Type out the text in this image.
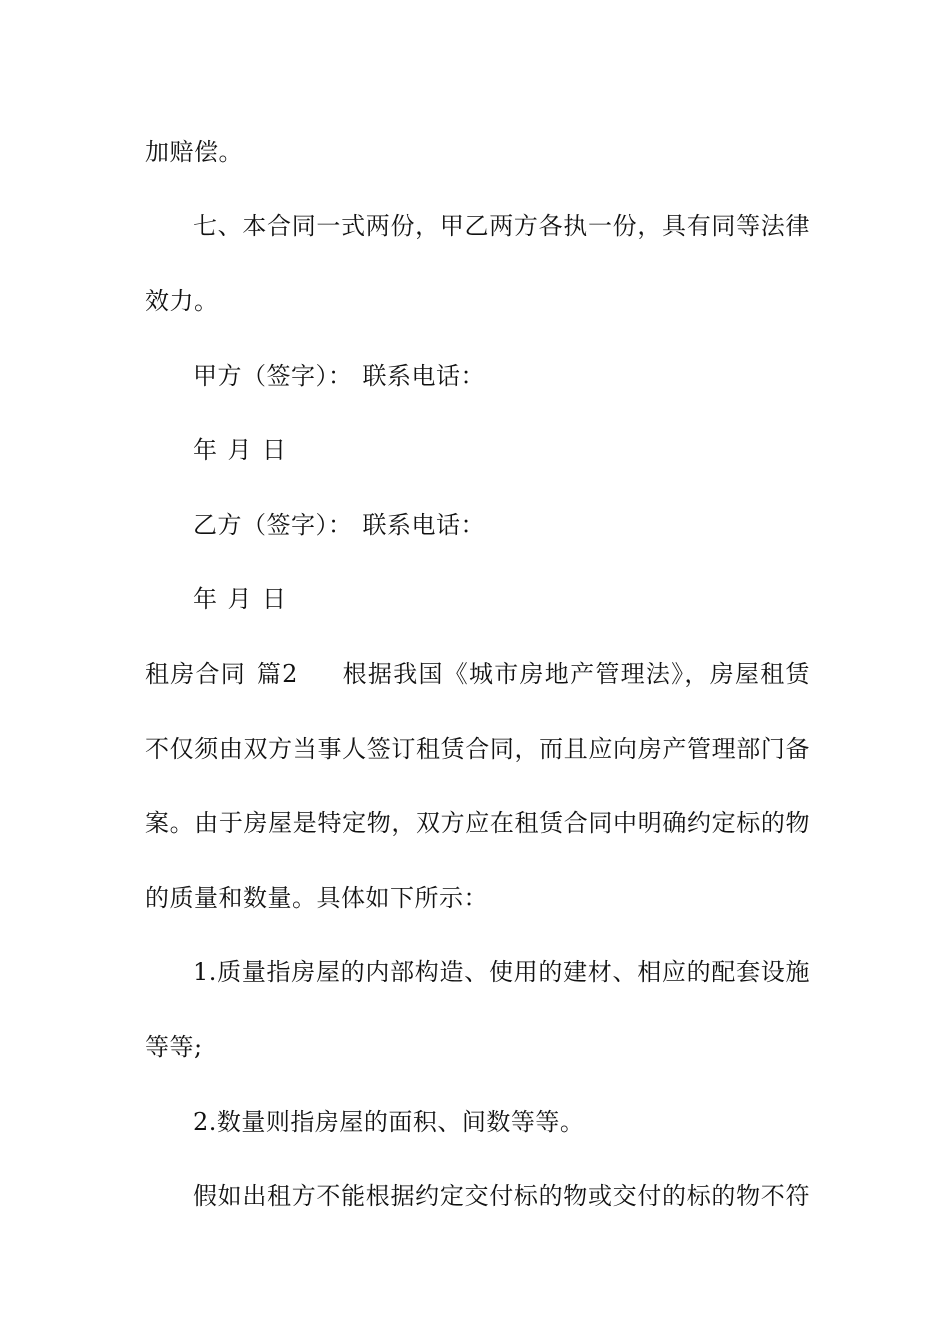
加赔偿。
七、本合同一式两份，甲乙两方各执一份，具有同等法律
效力。
甲方（签字）： 联系电话：
年 月 日
乙方（签字）： 联系电话：
年 月 日
租房合同 篇2 根据我国《城市房地产管理法》，房屋租赁
不仅须由双方当事人签订租赁合同，而且应向房产管理部门备
案。由于房屋是特定物，双方应在租赁合同中明确约定标的物
的质量和数量。具体如下所示：
1.质量指房屋的内部构造、使用的建材、相应的配套设施
等等;
2.数量则指房屋的面积、间数等等。
假如出租方不能根据约定交付标的物或交付的标的物不符
